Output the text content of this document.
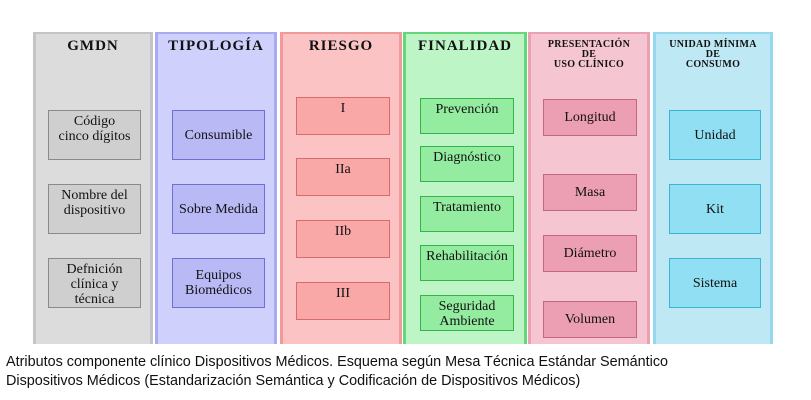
GMDN
Código
cinco dígitos
Nombre del
dispositivo
Defnición
clínica y
técnica
TIPOLOGÍA
Consumible
Sobre Medida
Equipos
Biomédicos
RIESGO
I
IIa
IIb
III
FINALIDAD
Prevención
Diagnóstico
Tratamiento
Rehabilitación
Seguridad
Ambiente
PRESENTACIÓN
DE
USO CLÍNICO
Longitud
Masa
Diámetro
Volumen
UNIDAD MÍNIMA
DE
CONSUMO
Unidad
Kit
Sistema
Atributos componente clínico Dispositivos Médicos. Esquema según Mesa Técnica Estándar Semántico
Dispositivos Médicos (Estandarización Semántica y Codificación de Dispositivos Médicos)
